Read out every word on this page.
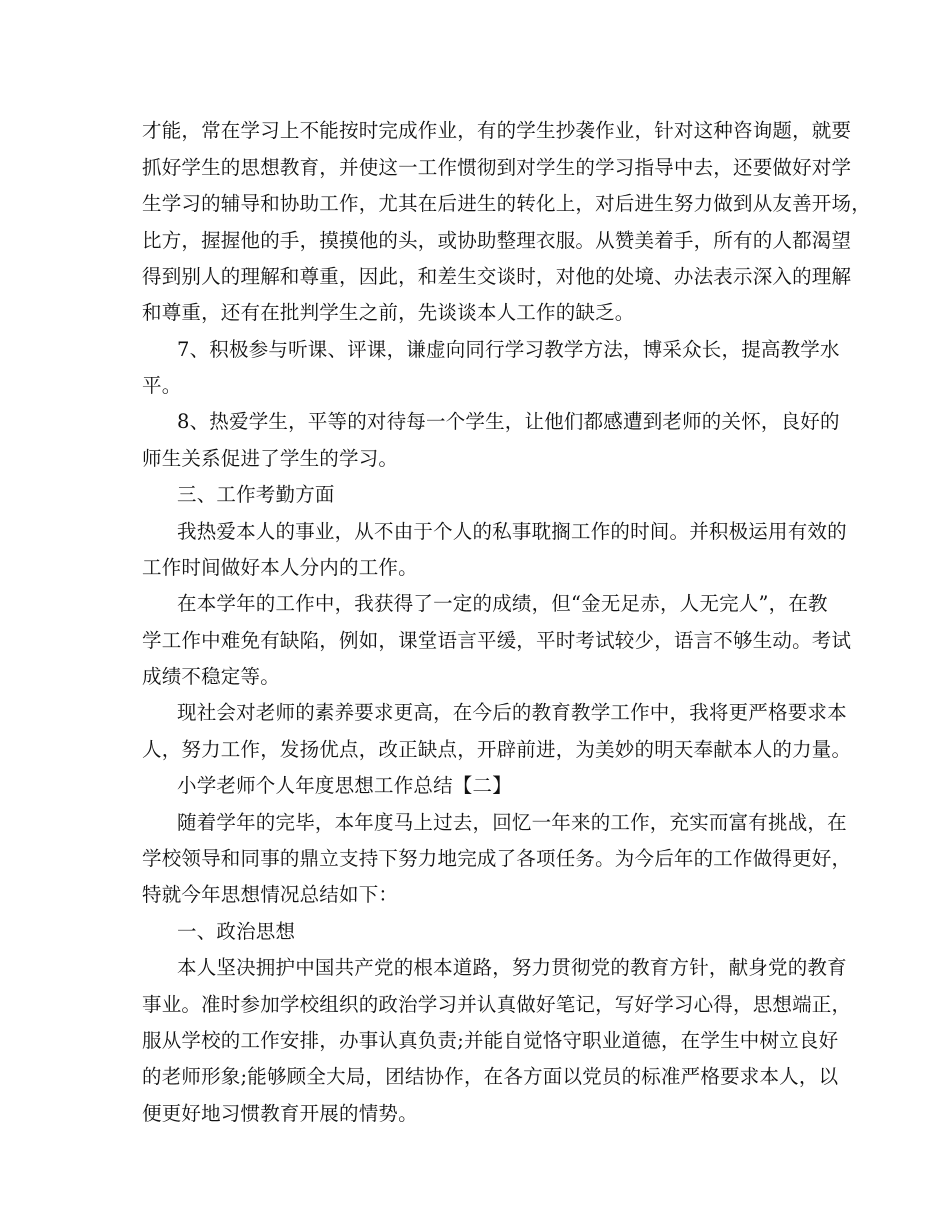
才能，常在学习上不能按时完成作业，有的学生抄袭作业，针对这种咨询题，就要
抓好学生的思想教育，并使这一工作惯彻到对学生的学习指导中去，还要做好对学
生学习的辅导和协助工作，尤其在后进生的转化上，对后进生努力做到从友善开场，
比方，握握他的手，摸摸他的头，或协助整理衣服。从赞美着手，所有的人都渴望
得到别人的理解和尊重，因此，和差生交谈时，对他的处境、办法表示深入的理解
和尊重，还有在批判学生之前，先谈谈本人工作的缺乏。
7、积极参与听课、评课，谦虚向同行学习教学方法，博采众长，提高教学水
平。
8、热爱学生，平等的对待每一个学生，让他们都感遭到老师的关怀，良好的
师生关系促进了学生的学习。
三、工作考勤方面
我热爱本人的事业，从不由于个人的私事耽搁工作的时间。并积极运用有效的
工作时间做好本人分内的工作。
在本学年的工作中，我获得了一定的成绩，但“金无足赤，人无完人”，在教
学工作中难免有缺陷，例如，课堂语言平缓，平时考试较少，语言不够生动。考试
成绩不稳定等。
现社会对老师的素养要求更高，在今后的教育教学工作中，我将更严格要求本
人，努力工作，发扬优点，改正缺点，开辟前进，为美妙的明天奉献本人的力量。
小学老师个人年度思想工作总结【二】
随着学年的完毕，本年度马上过去，回忆一年来的工作，充实而富有挑战，在
学校领导和同事的鼎立支持下努力地完成了各项任务。为今后年的工作做得更好，
特就今年思想情况总结如下：
一、政治思想
本人坚决拥护中国共产党的根本道路，努力贯彻党的教育方针，献身党的教育
事业。准时参加学校组织的政治学习并认真做好笔记，写好学习心得，思想端正，
服从学校的工作安排，办事认真负责;并能自觉恪守职业道德，在学生中树立良好
的老师形象;能够顾全大局，团结协作，在各方面以党员的标准严格要求本人，以
便更好地习惯教育开展的情势。
